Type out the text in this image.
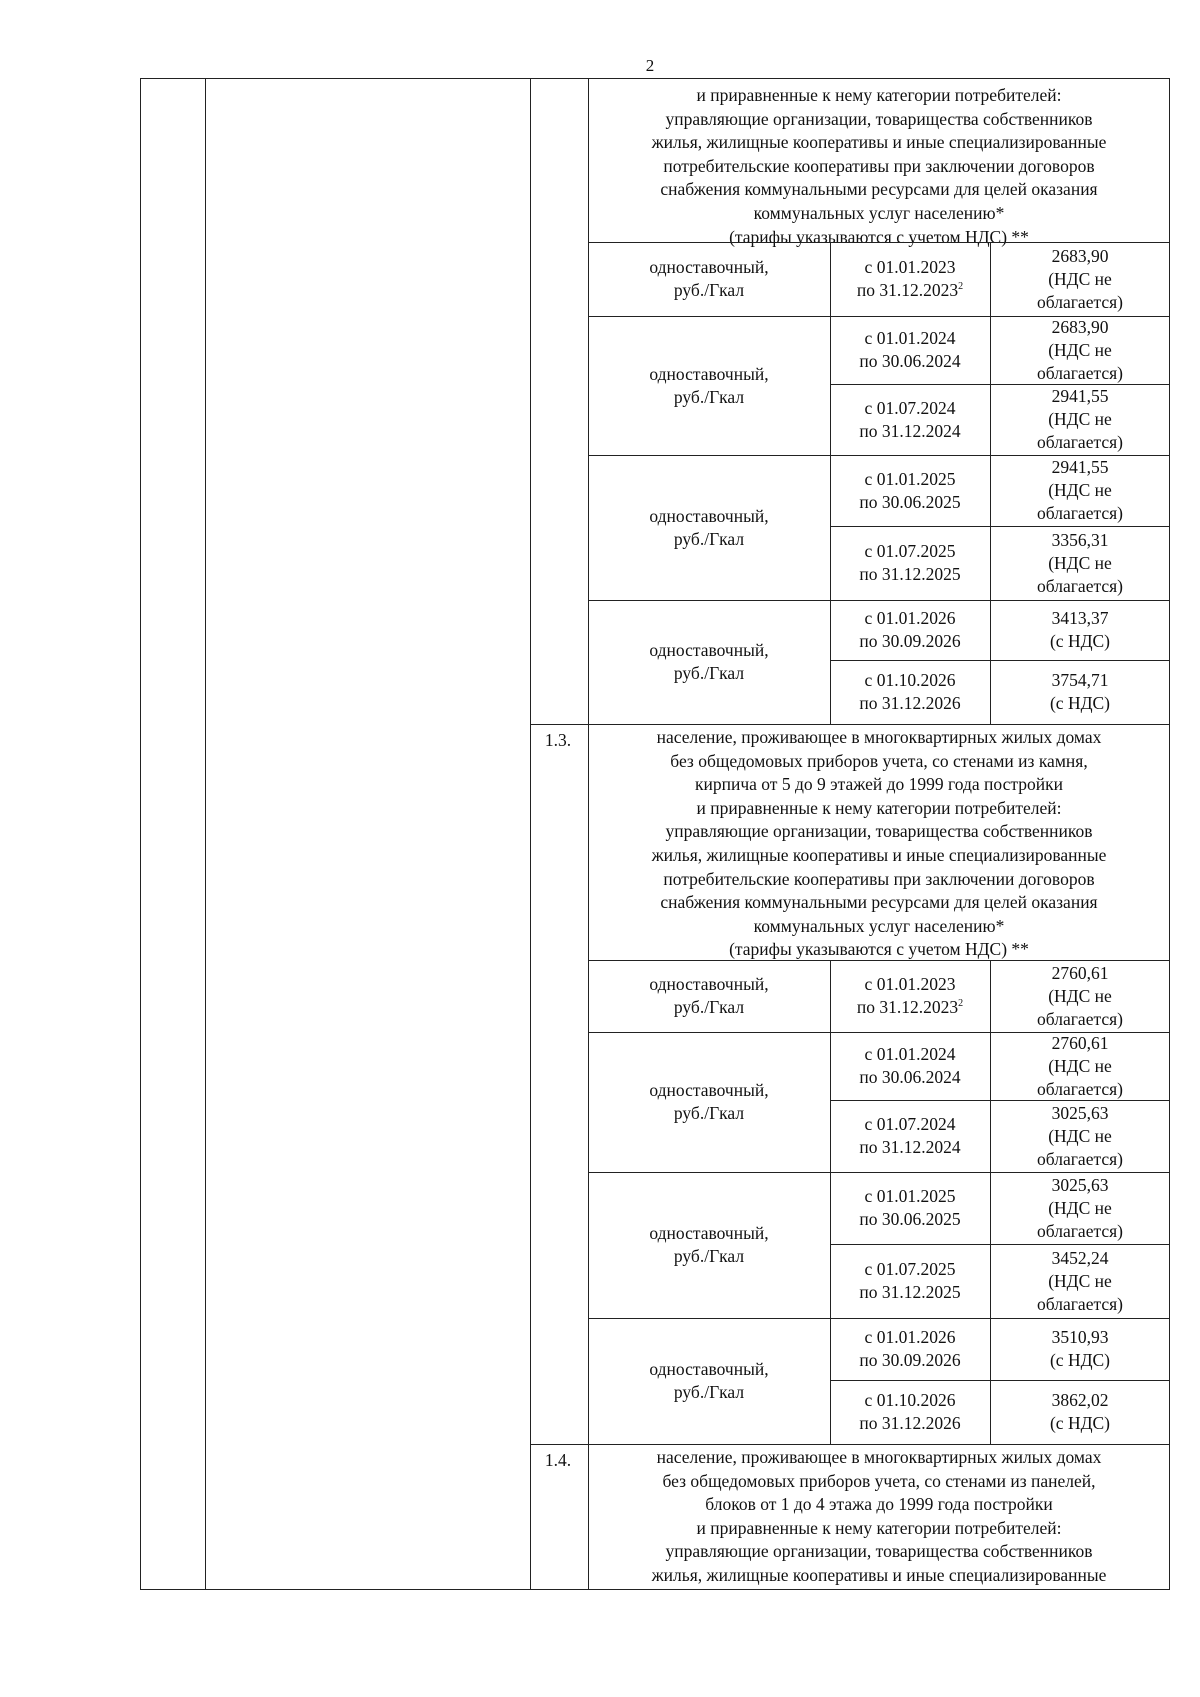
2
и приравненные к нему категории потребителей:
управляющие организации, товарищества собственников
жилья, жилищные кооперативы и иные специализированные
потребительские кооперативы при заключении договоров
снабжения коммунальными ресурсами для целей оказания
коммунальных услуг населению*
(тарифы указываются с учетом НДС) **
одноставочный,
руб./Гкал
одноставочный,
руб./Гкал
одноставочный,
руб./Гкал
одноставочный,
руб./Гкал
с 01.01.2023
по 31.12.2023$^2$
2683,90
(НДС не
облагается)
с 01.01.2024
по 30.06.2024
2683,90
(НДС не
облагается)
с 01.07.2024
по 31.12.2024
2941,55
(НДС не
облагается)
с 01.01.2025
по 30.06.2025
2941,55
(НДС не
облагается)
с 01.07.2025
по 31.12.2025
3356,31
(НДС не
облагается)
с 01.01.2026
по 30.09.2026
3413,37
(с НДС)
с 01.10.2026
по 31.12.2026
3754,71
(с НДС)
1.3.	население, проживающее в многоквартирных жилых домах
без общедомовых приборов учета, со стенами из камня,
кирпича от 5 до 9 этажей до 1999 года постройки
и приравненные к нему категории потребителей:
управляющие организации, товарищества собственников
жилья, жилищные кооперативы и иные специализированные
потребительские кооперативы при заключении договоров
снабжения коммунальными ресурсами для целей оказания
коммунальных услуг населению*
(тарифы указываются с учетом НДС) **
одноставочный,
руб./Гкал
одноставочный,
руб./Гкал
одноставочный,
руб./Гкал
одноставочный,
руб./Гкал
с 01.01.2023
по 31.12.2023$^2$
2760,61
(НДС не
облагается)
с 01.01.2024
по 30.06.2024
2760,61
(НДС не
облагается)
с 01.07.2024
по 31.12.2024
3025,63
(НДС не
облагается)
с 01.01.2025
по 30.06.2025
3025,63
(НДС не
облагается)
с 01.07.2025
по 31.12.2025
3452,24
(НДС не
облагается)
с 01.01.2026
по 30.09.2026
3510,93
(с НДС)
с 01.10.2026
по 31.12.2026
3862,02
(с НДС)
1.4.	население, проживающее в многоквартирных жилых домах
без общедомовых приборов учета, со стенами из панелей,
блоков от 1 до 4 этажа до 1999 года постройки
и приравненные к нему категории потребителей:
управляющие организации, товарищества собственников
жилья, жилищные кооперативы и иные специализированные
